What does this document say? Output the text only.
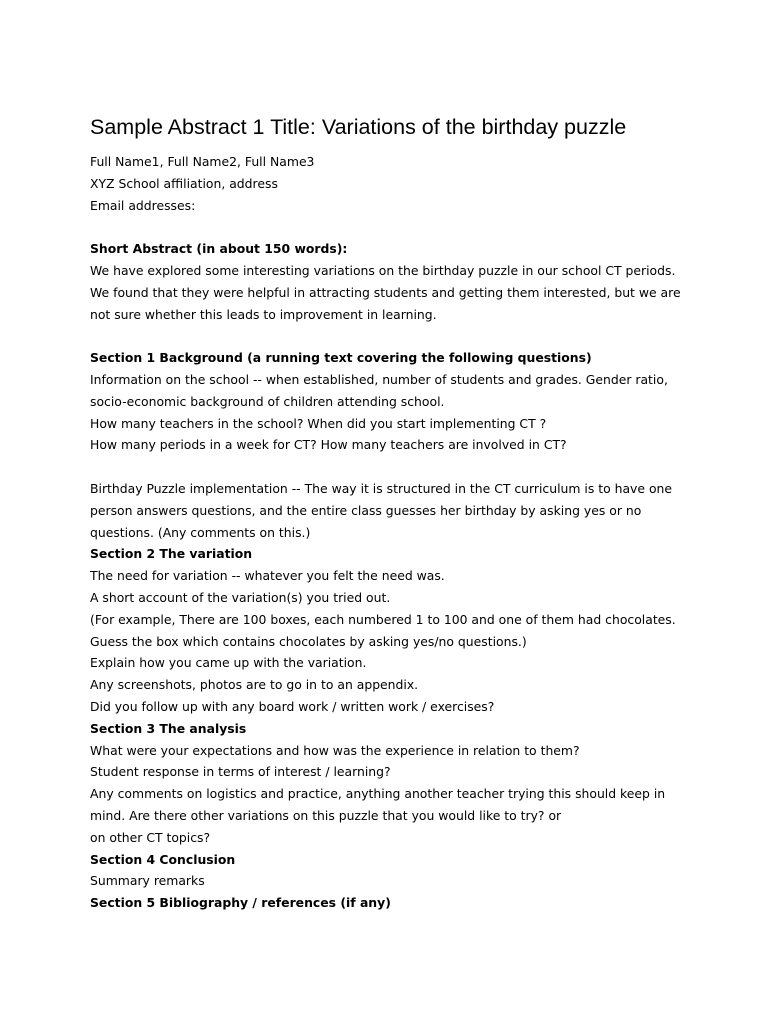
Sample Abstract 1 Title: Variations of the birthday puzzle
Full Name1, Full Name2, Full Name3
XYZ School affiliation, address
Email addresses:
Short Abstract (in about 150 words):
We have explored some interesting variations on the birthday puzzle in our school CT periods.
We found that they were helpful in attracting students and getting them interested, but we are
not sure whether this leads to improvement in learning.
Section 1 Background (a running text covering the following questions)
Information on the school -- when established, number of students and grades. Gender ratio,
socio-economic background of children attending school.
How many teachers in the school? When did you start implementing CT ?
How many periods in a week for CT? How many teachers are involved in CT?
Birthday Puzzle implementation -- The way it is structured in the CT curriculum is to have one
person answers questions, and the entire class guesses her birthday by asking yes or no
questions. (Any comments on this.)
Section 2 The variation
The need for variation -- whatever you felt the need was.
A short account of the variation(s) you tried out.
(For example, There are 100 boxes, each numbered 1 to 100 and one of them had chocolates.
Guess the box which contains chocolates by asking yes/no questions.)
Explain how you came up with the variation.
Any screenshots, photos are to go in to an appendix.
Did you follow up with any board work / written work / exercises?
Section 3 The analysis
What were your expectations and how was the experience in relation to them?
Student response in terms of interest / learning?
Any comments on logistics and practice, anything another teacher trying this should keep in
mind. Are there other variations on this puzzle that you would like to try? or
on other CT topics?
Section 4 Conclusion
Summary remarks
Section 5 Bibliography / references (if any)
